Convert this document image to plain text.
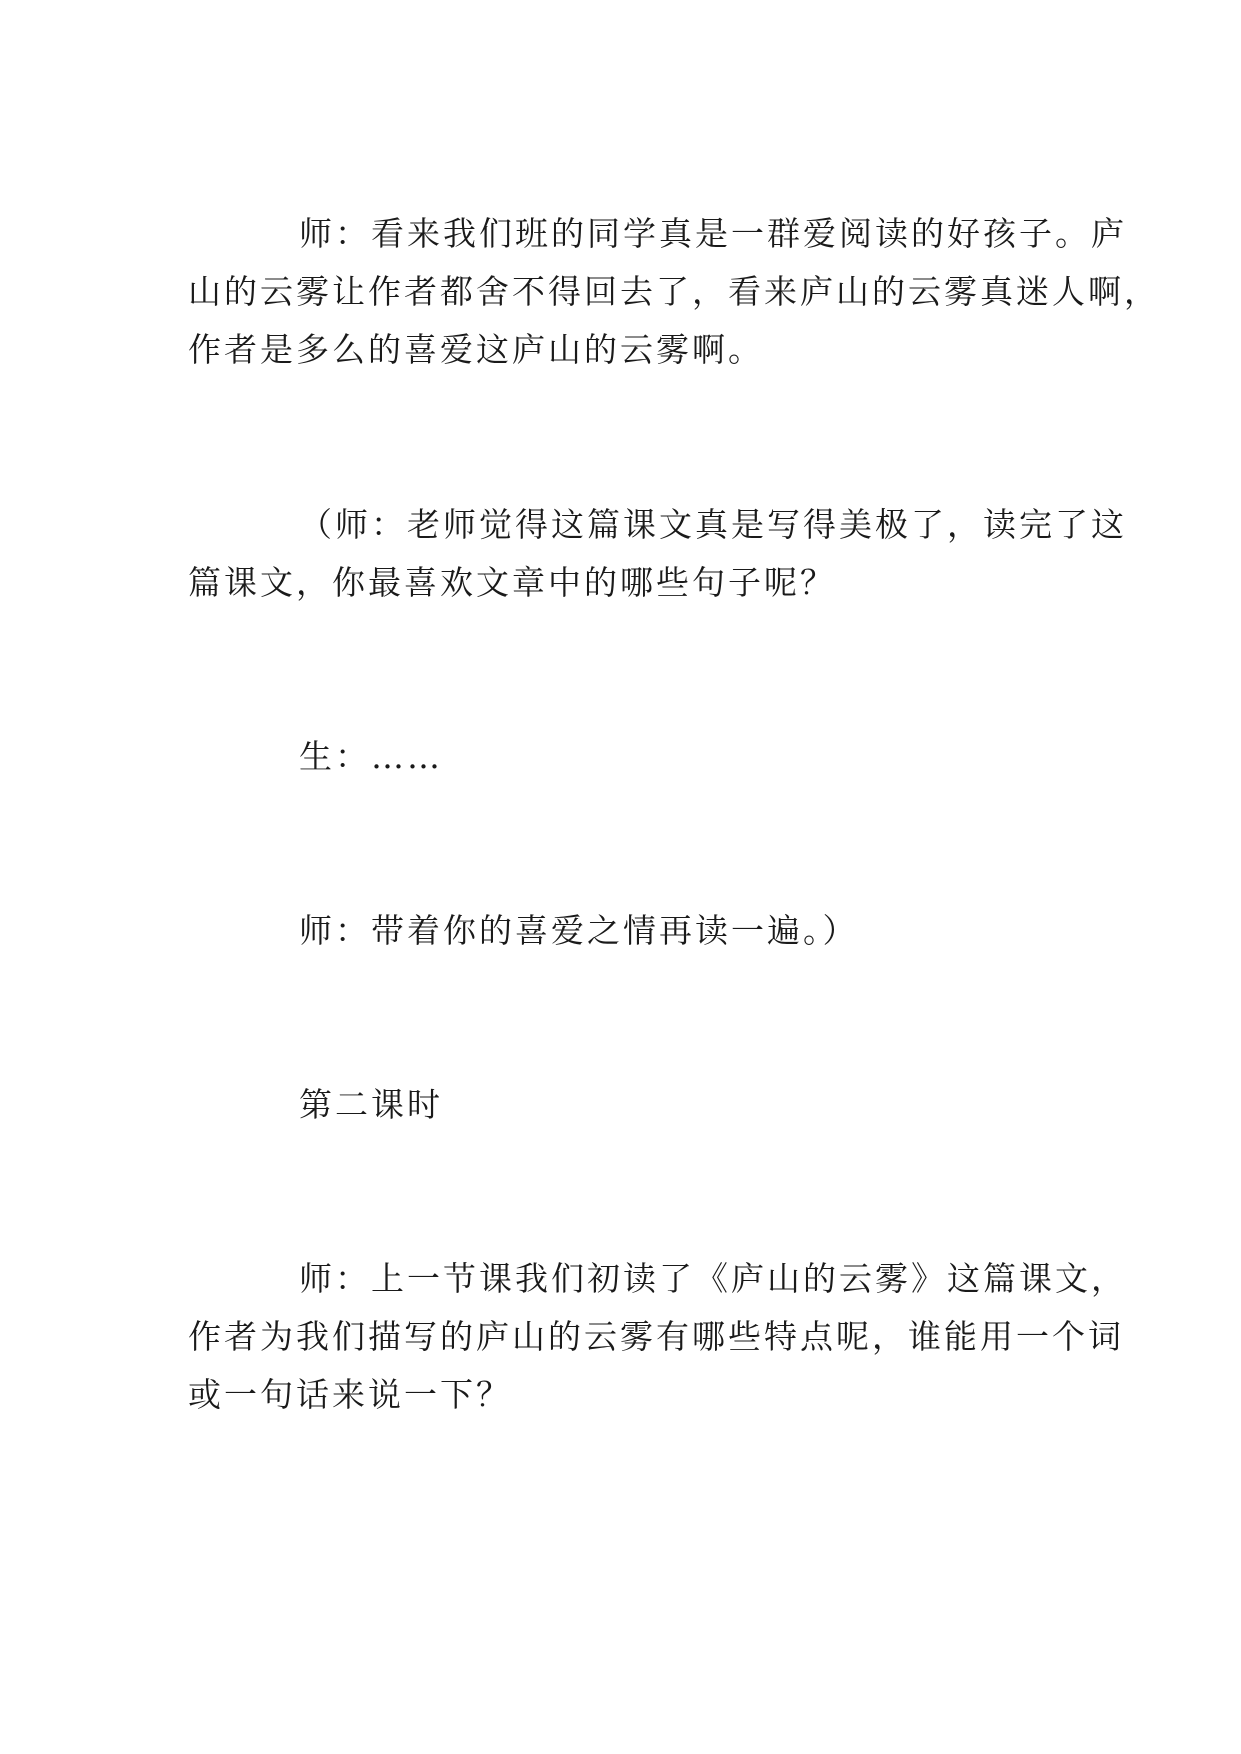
师：看来我们班的同学真是一群爱阅读的好孩子。庐
山的云雾让作者都舍不得回去了，看来庐山的云雾真迷人啊，
作者是多么的喜爱这庐山的云雾啊。

（师：老师觉得这篇课文真是写得美极了，读完了这
篇课文，你最喜欢文章中的哪些句子呢？

生：……

师：带着你的喜爱之情再读一遍。）

第二课时

师：上一节课我们初读了《庐山的云雾》这篇课文，
作者为我们描写的庐山的云雾有哪些特点呢，谁能用一个词
或一句话来说一下？
